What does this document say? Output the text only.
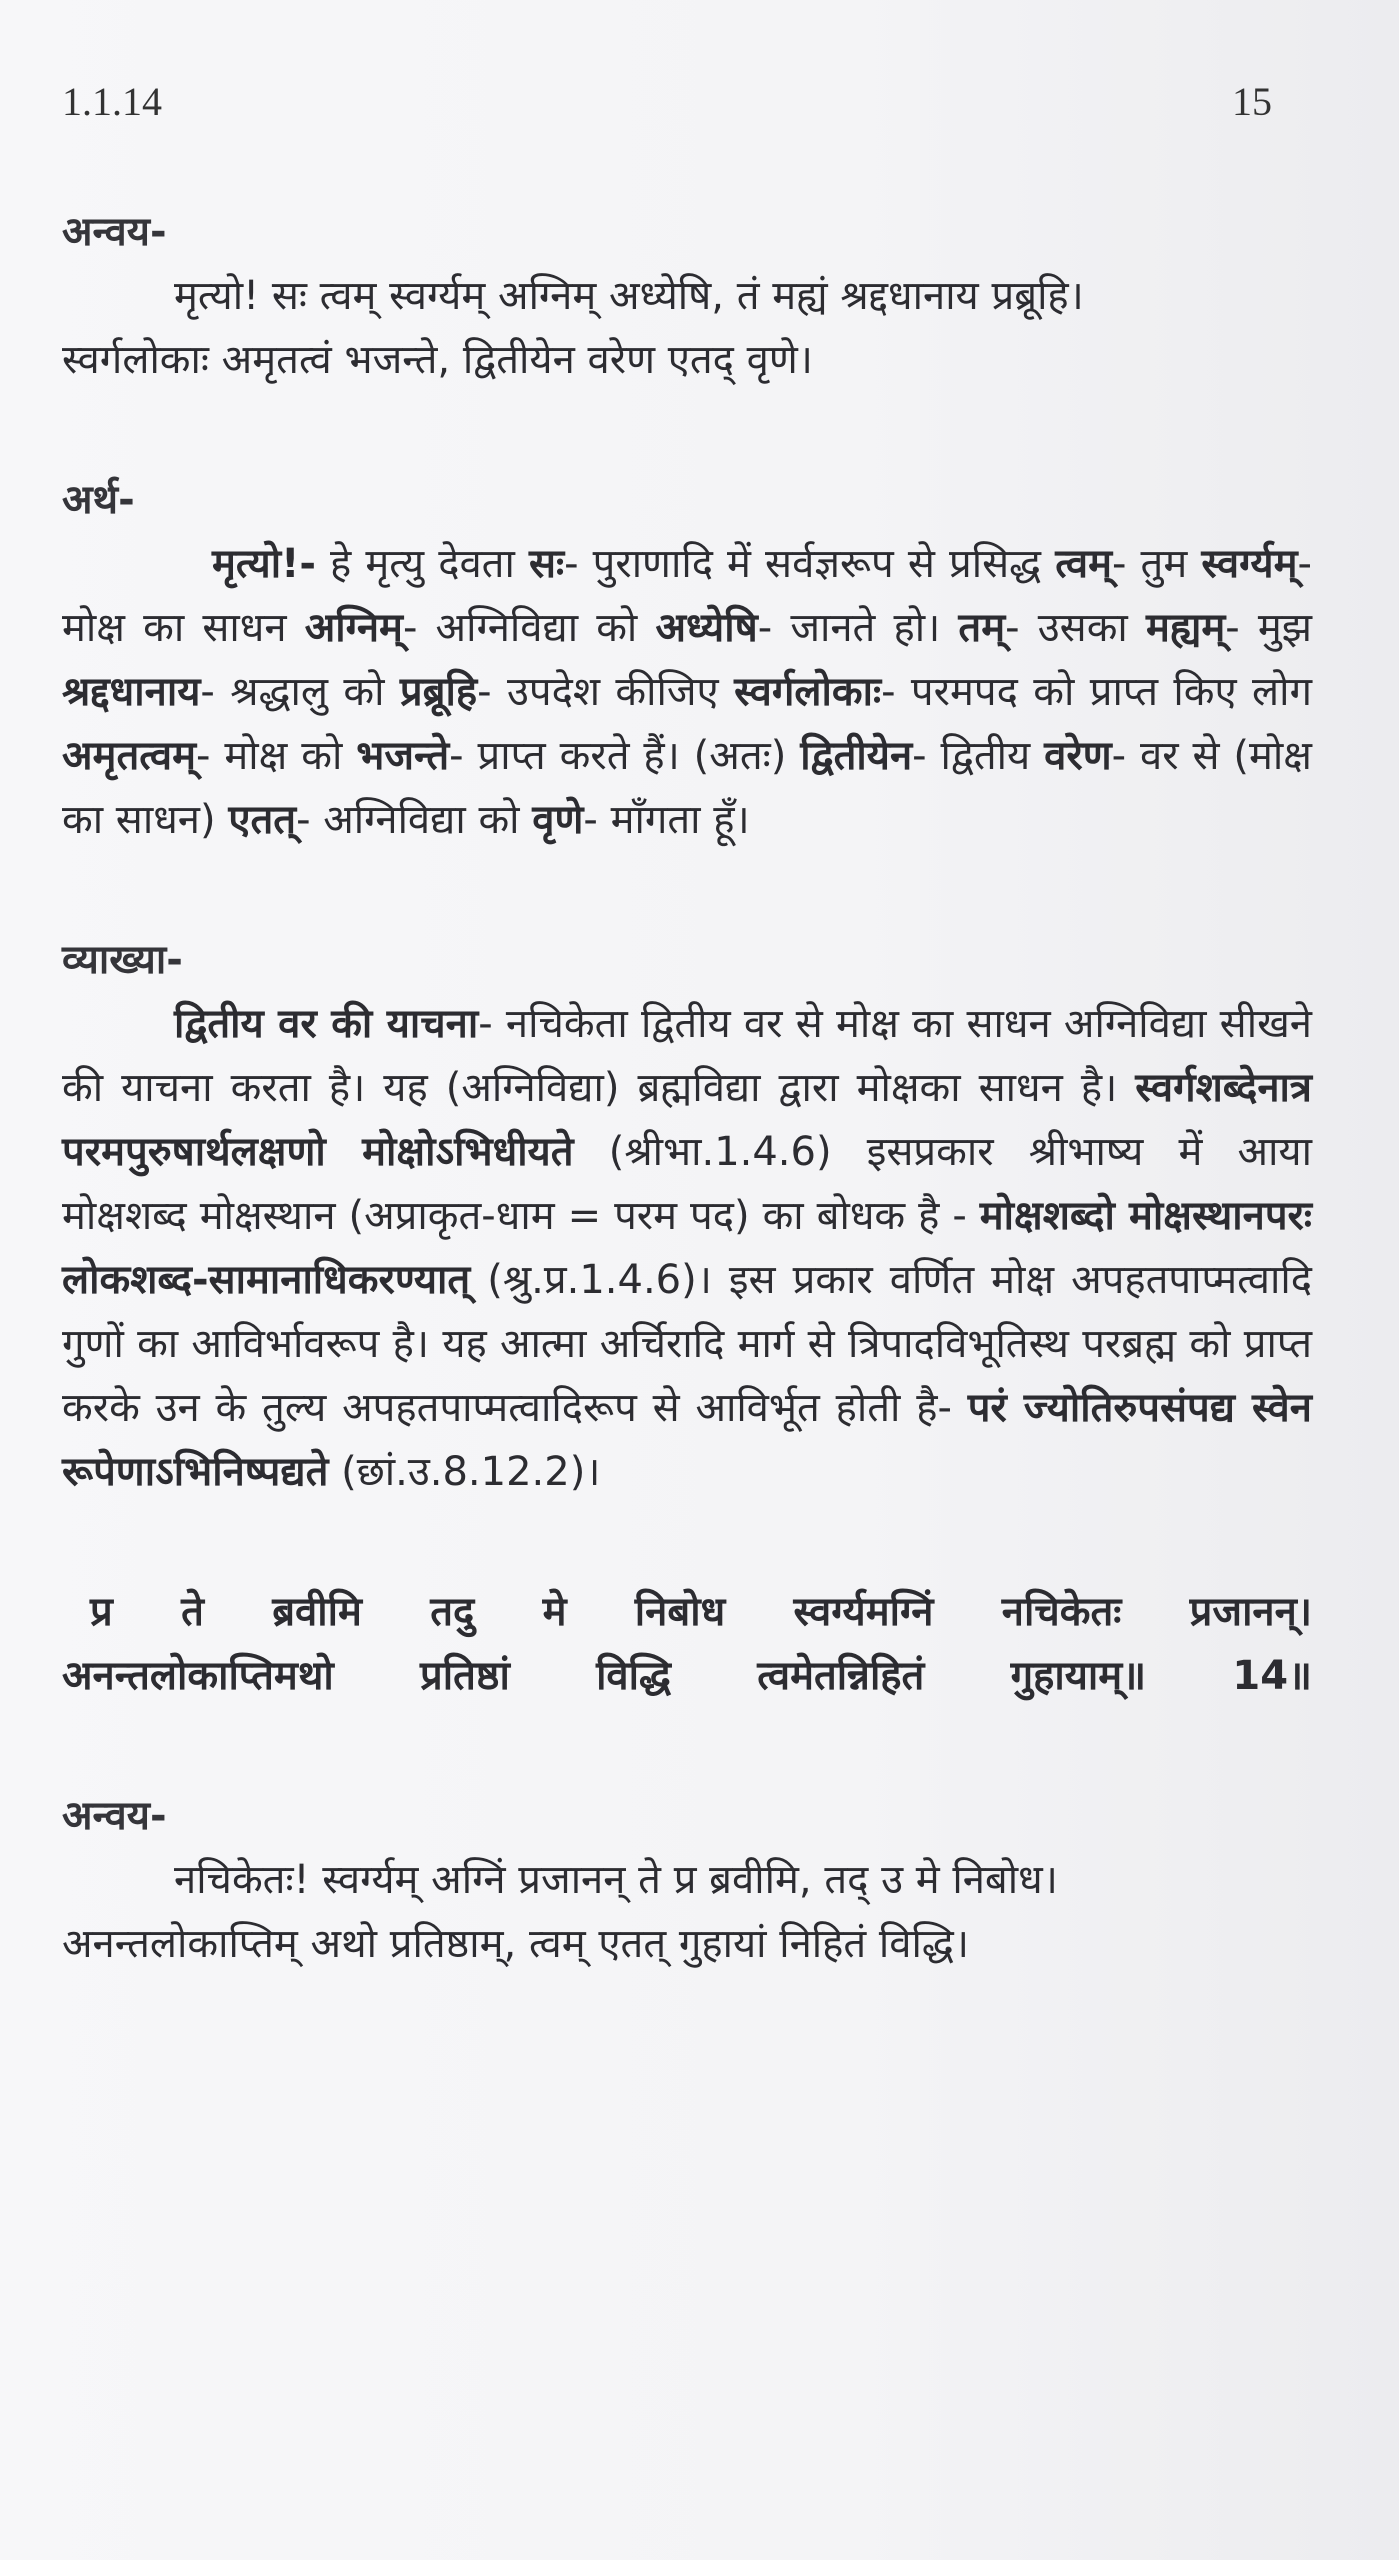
1.1.14	15

अन्वय-

मृत्यो! सः त्वम् स्वर्ग्यम् अग्निम् अध्येषि, तं मह्यं श्रद्दधानाय प्रब्रूहि।

स्वर्गलोकाः अमृतत्वं भजन्ते, द्वितीयेन वरेण एतद् वृणे।

अर्थ-

मृत्यो!- हे मृत्यु देवता सः- पुराणादि में सर्वज्ञरूप से प्रसिद्ध त्वम्- तुम स्वर्ग्यम्- मोक्ष का साधन अग्निम्- अग्निविद्या को अध्येषि- जानते हो। तम्- उसका मह्यम्- मुझ श्रद्दधानाय- श्रद्धालु को प्रब्रूहि- उपदेश कीजिए स्वर्गलोकाः- परमपद को प्राप्त किए लोग अमृतत्वम्- मोक्ष को भजन्ते- प्राप्त करते हैं। (अतः) द्वितीयेन- द्वितीय वरेण- वर से (मोक्ष का साधन) एतत्- अग्निविद्या को वृणे- माँगता हूँ।

व्याख्या-

द्वितीय वर की याचना- नचिकेता द्वितीय वर से मोक्ष का साधन अग्निविद्या सीखने की याचना करता है। यह (अग्निविद्या) ब्रह्मविद्या द्वारा मोक्षका साधन है। स्वर्गशब्देनात्र परमपुरुषार्थलक्षणो मोक्षोऽभिधीयते (श्रीभा.1.4.6) इसप्रकार श्रीभाष्य में आया मोक्षशब्द मोक्षस्थान (अप्राकृत-धाम = परम पद) का बोधक है - मोक्षशब्दो मोक्षस्थानपरः लोकशब्द-सामानाधिकरण्यात् (श्रु.प्र.1.4.6)। इस प्रकार वर्णित मोक्ष अपहतपाप्मत्वादि गुणों का आविर्भावरूप है। यह आत्मा अर्चिरादि मार्ग से त्रिपादविभूतिस्थ परब्रह्म को प्राप्त करके उन के तुल्य अपहतपाप्मत्वादिरूप से आविर्भूत होती है- परं ज्योतिरुपसंपद्य स्वेन रूपेणाऽभिनिष्पद्यते (छां.उ.8.12.2)।

प्र ते ब्रवीमि तदु मे निबोध स्वर्ग्यमग्निं नचिकेतः प्रजानन्।

अनन्तलोकाप्तिमथो प्रतिष्ठां विद्धि त्वमेतन्निहितं गुहायाम्॥ 14॥

अन्वय-

नचिकेतः! स्वर्ग्यम् अग्निं प्रजानन् ते प्र ब्रवीमि, तद् उ मे निबोध।

अनन्तलोकाप्तिम् अथो प्रतिष्ठाम्, त्वम् एतत् गुहायां निहितं विद्धि।
